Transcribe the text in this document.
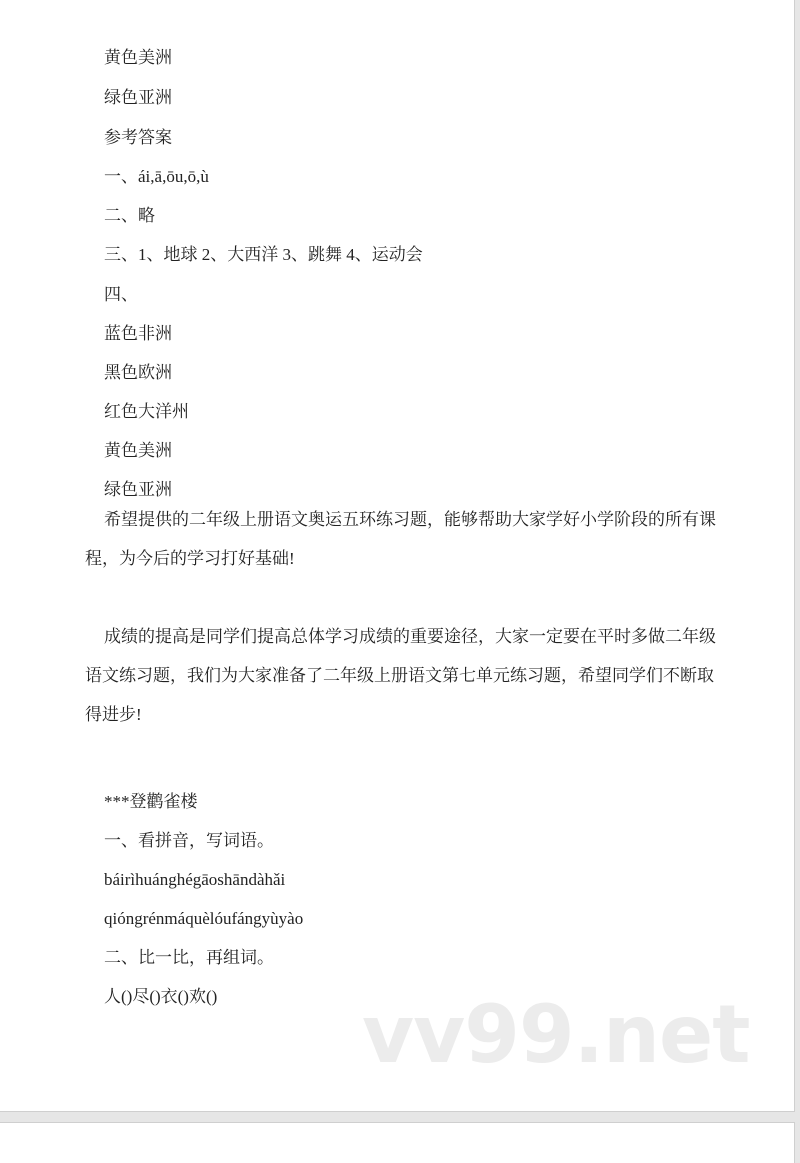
黄色美洲
绿色亚洲
参考答案
一、ái,ā,ōu,ō,ù
二、略
三、1、地球 2、大西洋 3、跳舞 4、运动会
四、
蓝色非洲
黑色欧洲
红色大洋州
黄色美洲
绿色亚洲
希望提供的二年级上册语文奥运五环练习题，能够帮助大家学好小学阶段的所有课程，为今后的学习打好基础!
成绩的提高是同学们提高总体学习成绩的重要途径，大家一定要在平时多做二年级语文练习题，我们为大家准备了二年级上册语文第七单元练习题，希望同学们不断取得进步!
***登鹳雀楼
一、看拼音，写词语。
báirìhuánghégāoshāndàhǎi
qióngrénmáquèlóufángyùyào
二、比一比，再组词。
人()尽()衣()欢() vv99.net
